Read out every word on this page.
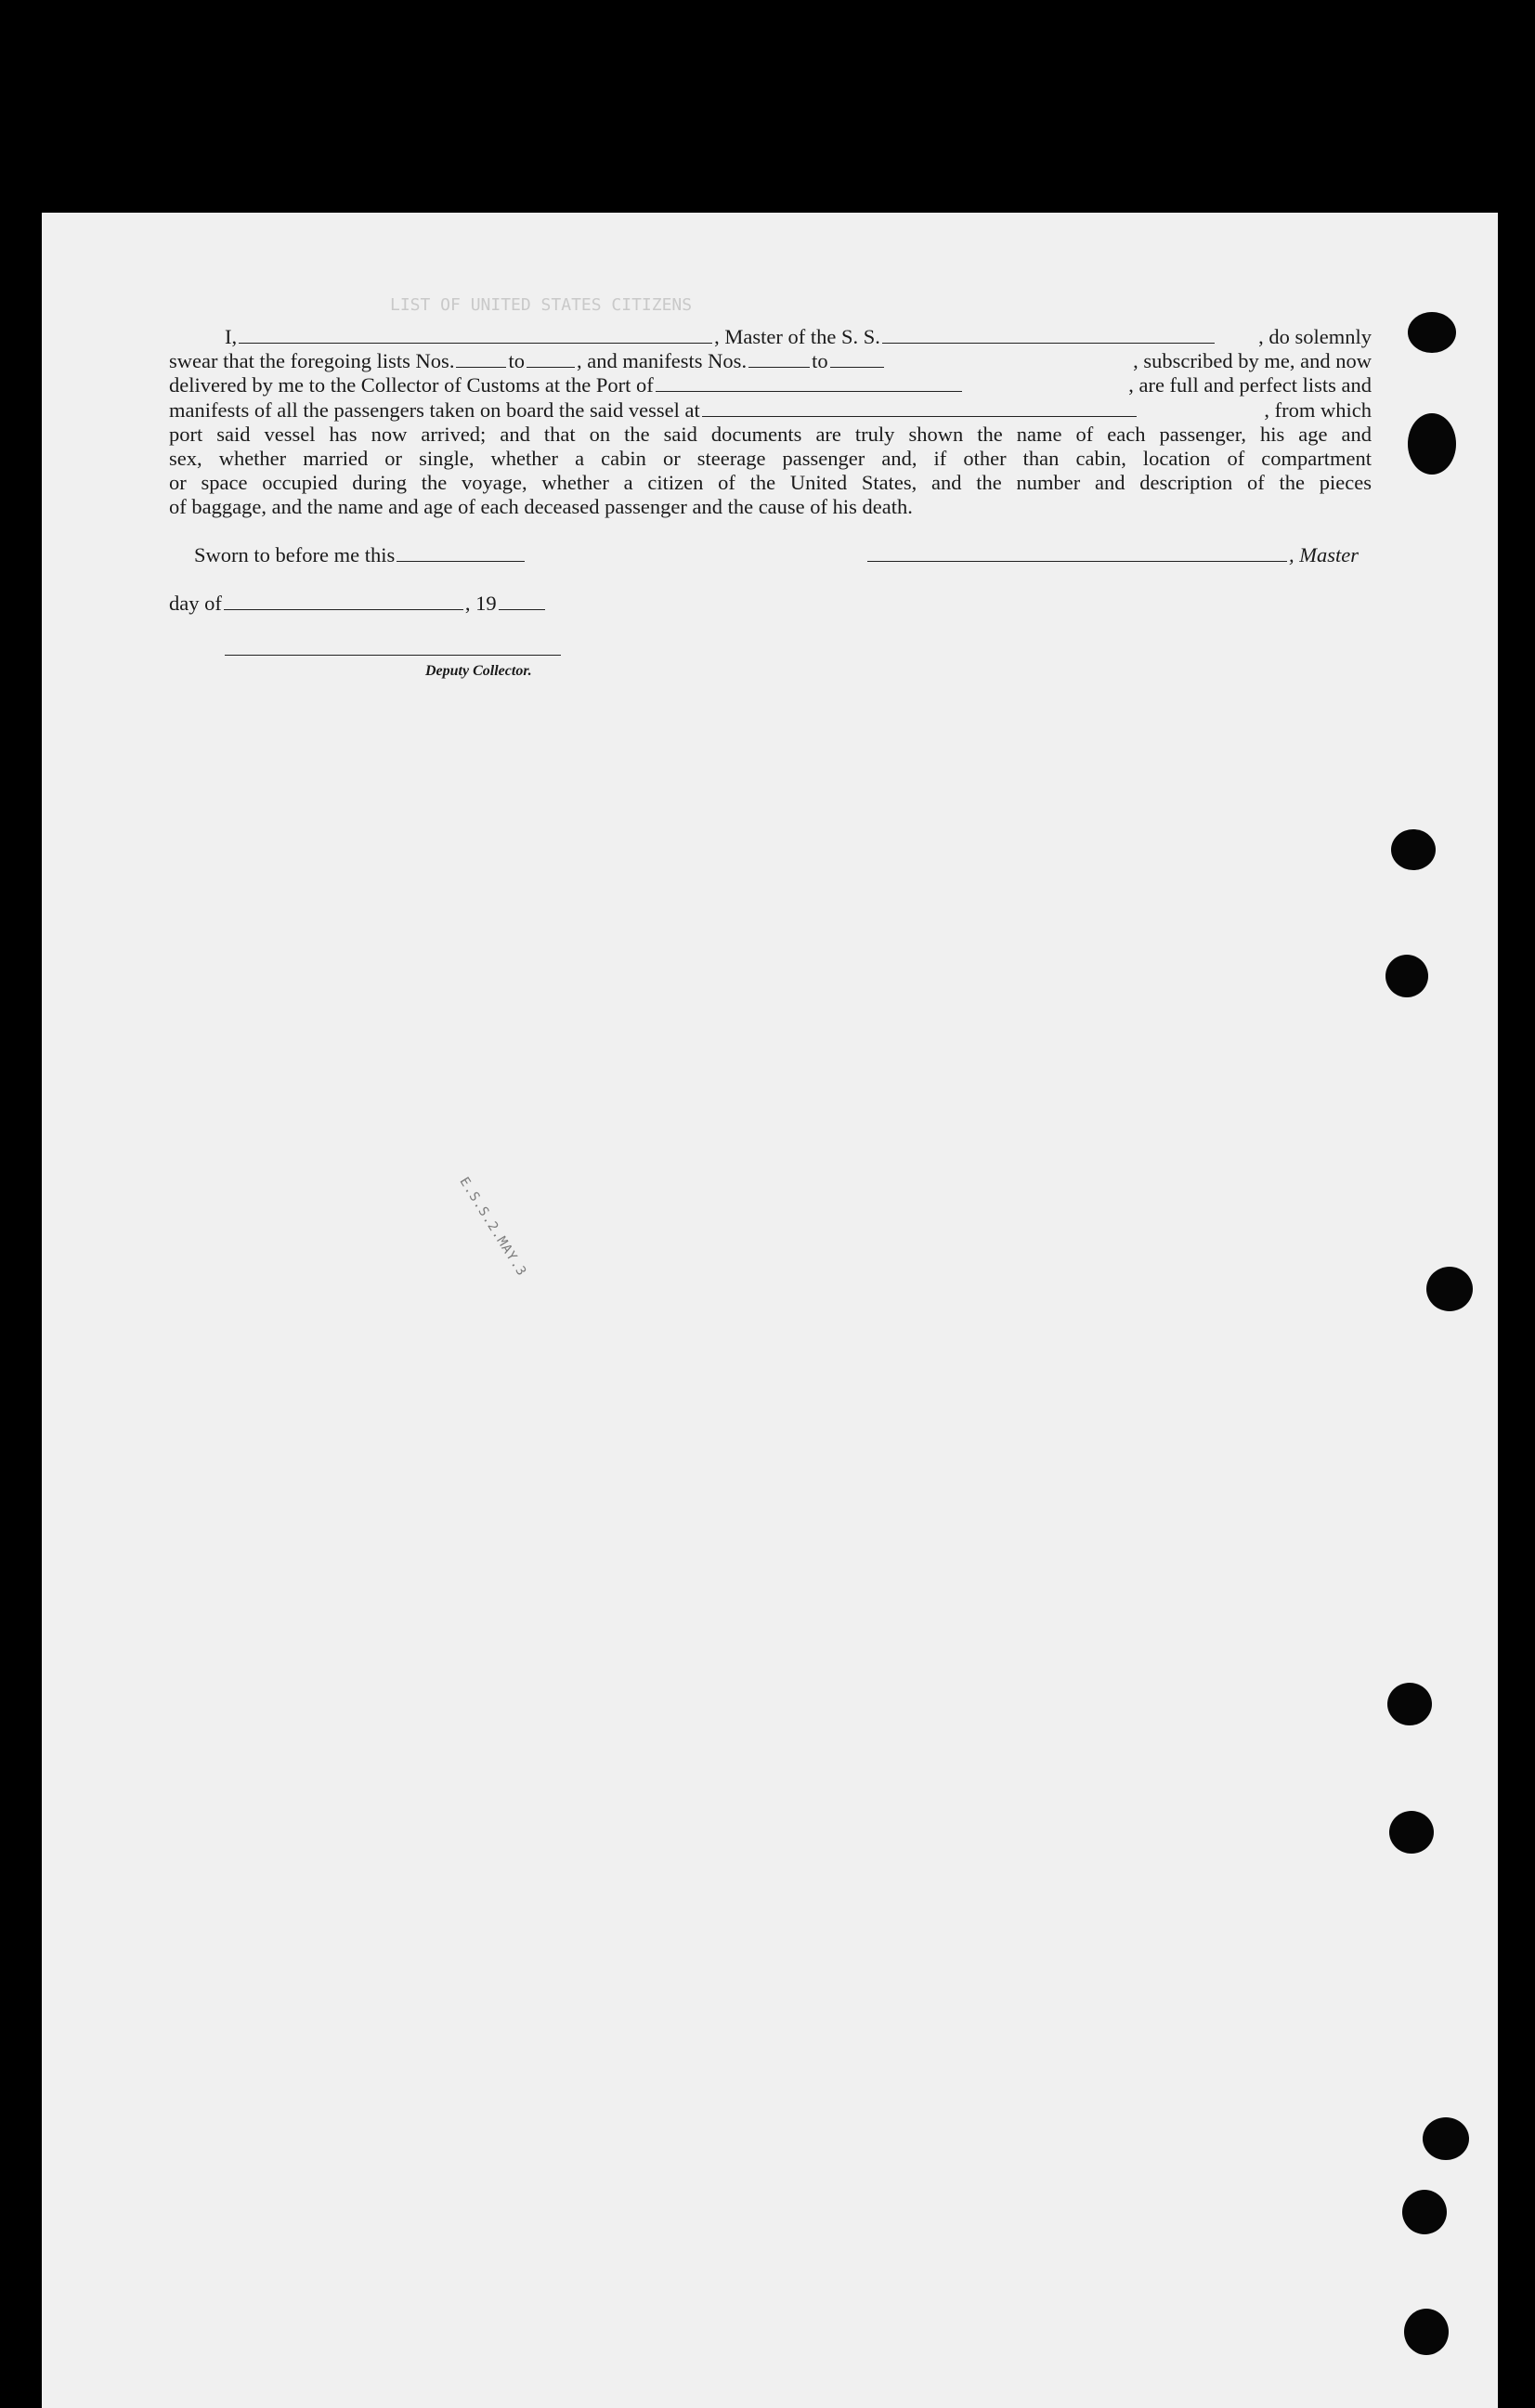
LIST OF UNITED STATES CITIZENS
I,	, Master of the S. S.	, do solemnly
swear that the foregoing lists Nos.	to , and manifests Nos.	to	, subscribed by me, and now
delivered by me to the Collector of Customs at the Port of	, are full and perfect lists and
manifests of all the passengers taken on board the said vessel at	, from which
port said vessel has now arrived; and that on the said documents are truly shown the name of each passenger, his age and
sex, whether married or single, whether a cabin or steerage passenger and, if other than cabin, location of compartment
or space occupied during the voyage, whether a citizen of the United States, and the number and description of the pieces
of baggage, and the name and age of each deceased passenger and the cause of his death.
Sworn to before me this	, Master
day of	, 19
Deputy Collector.
E.S.S.2.MAY.3
